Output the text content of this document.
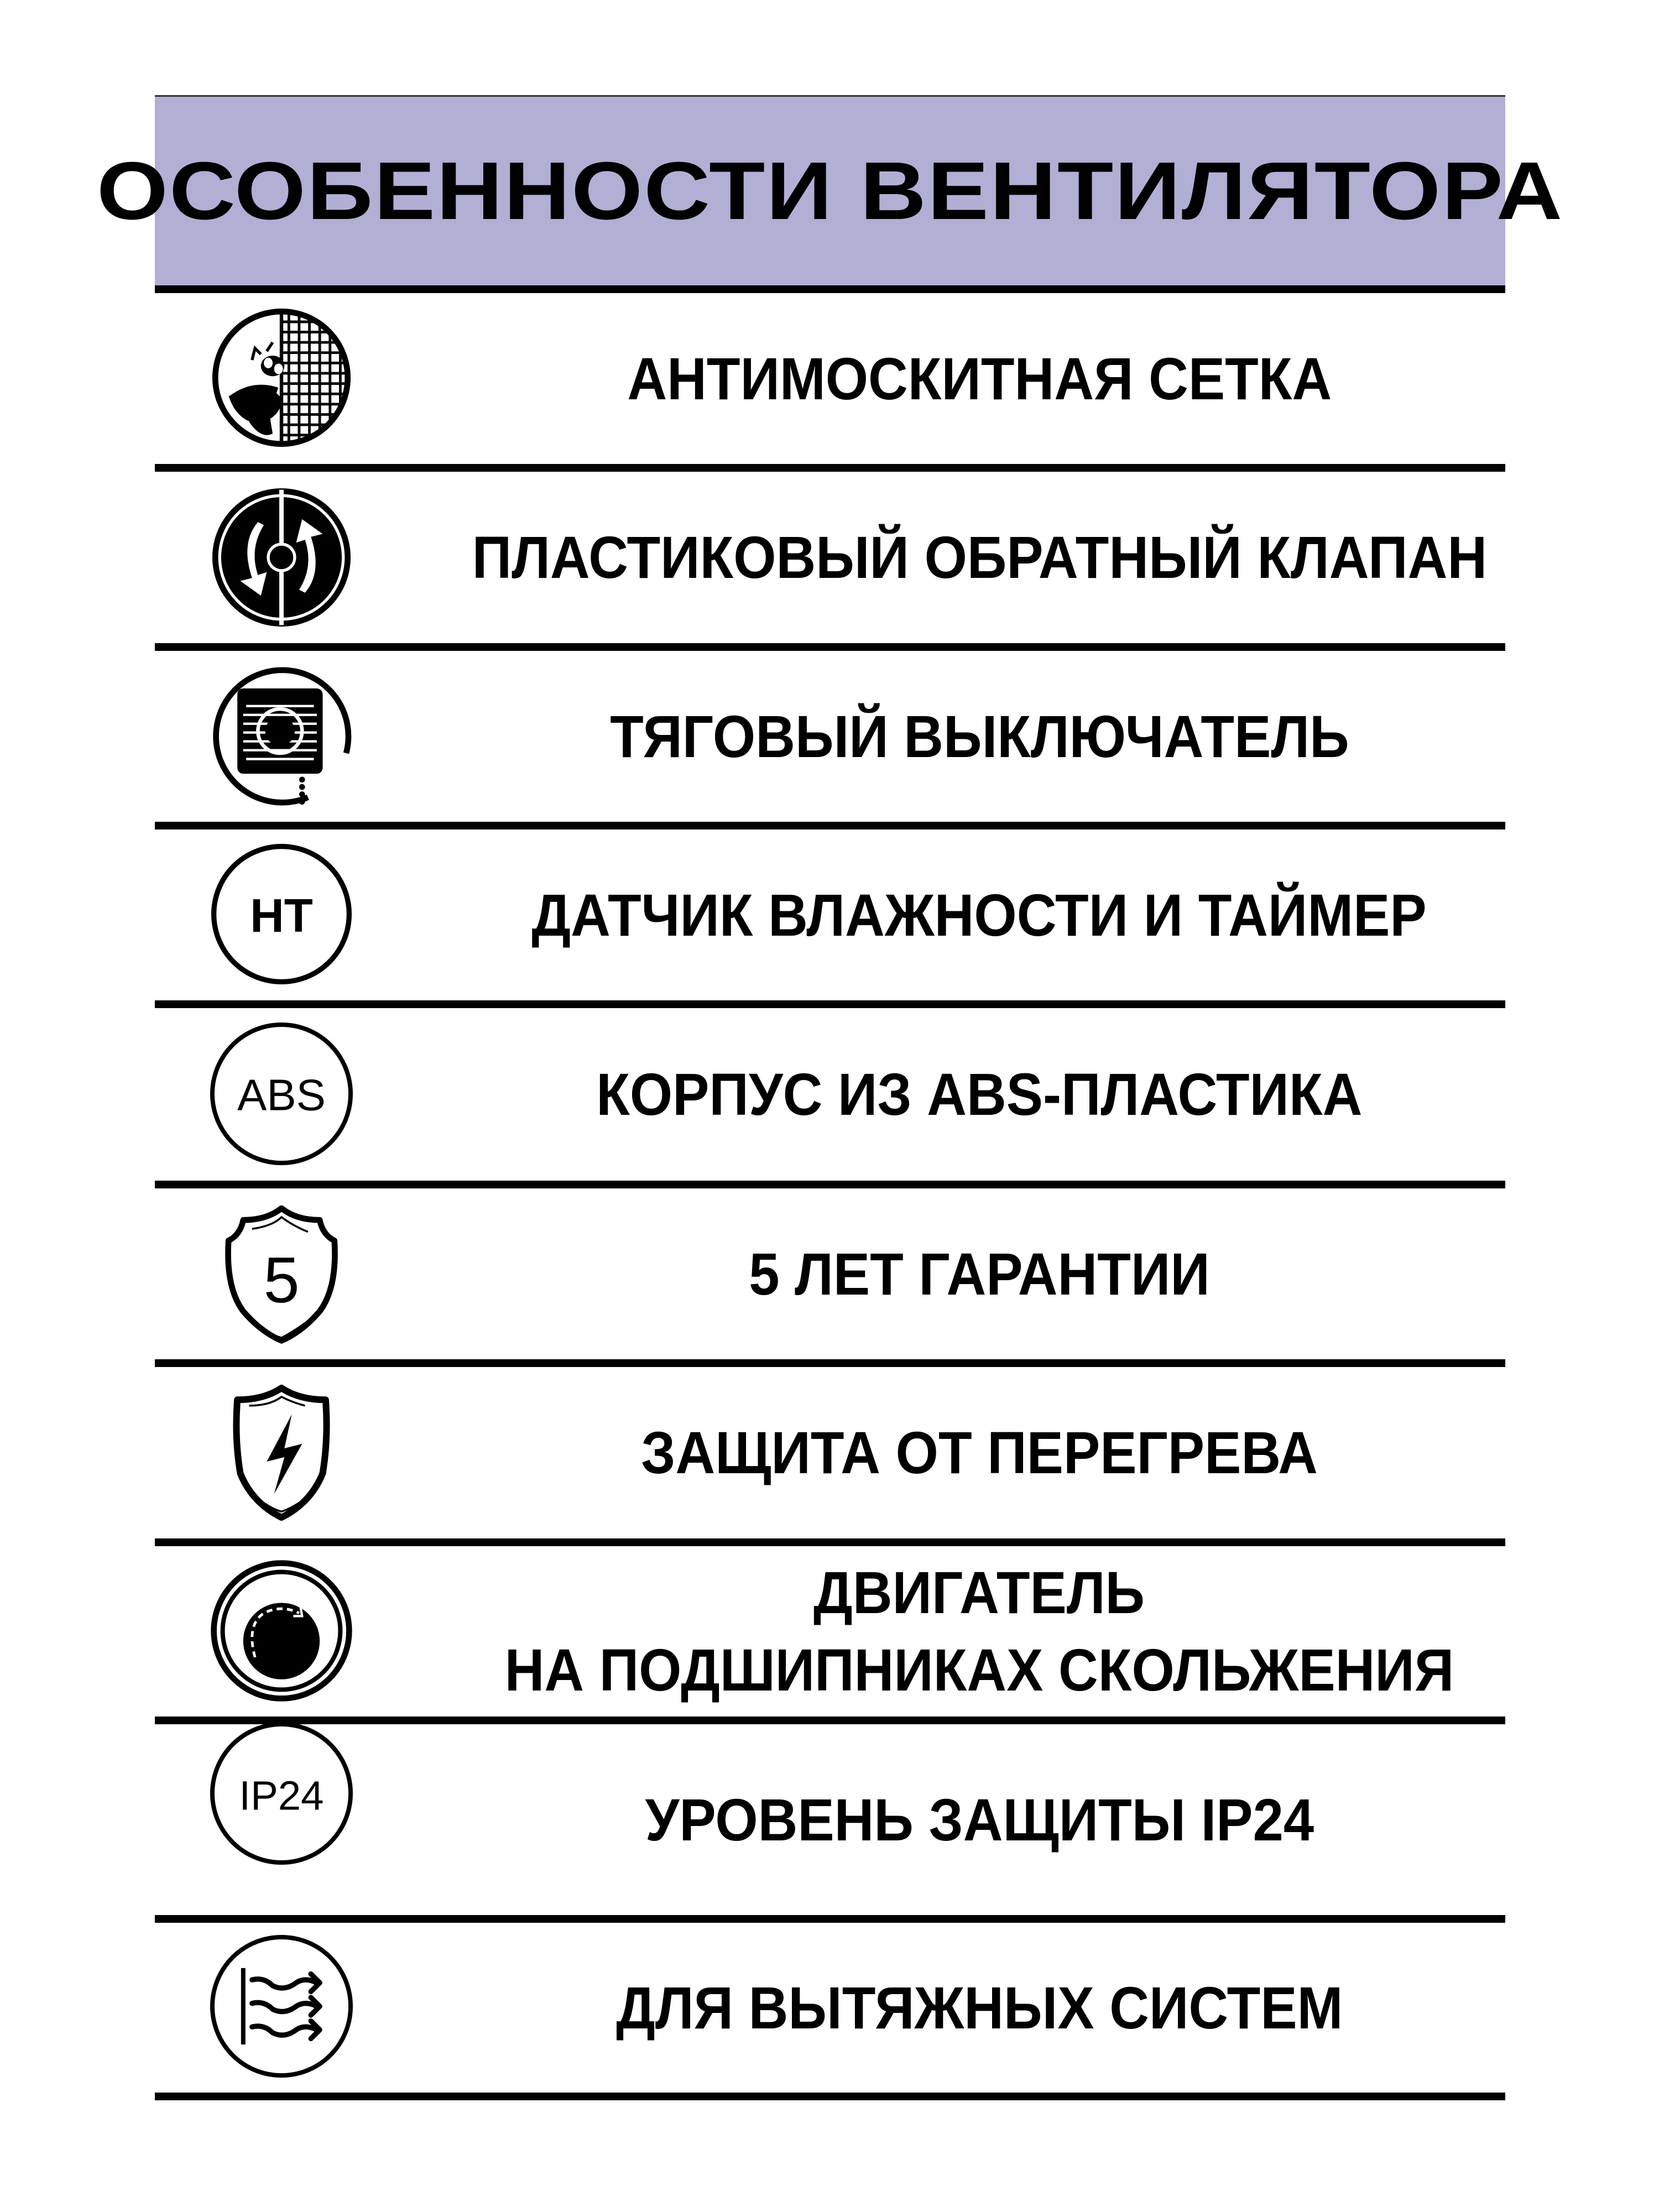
ОСОБЕННОСТИ ВЕНТИЛЯТОРА
АНТИМОСКИТНАЯ СЕТКА
ПЛАСТИКОВЫЙ ОБРАТНЫЙ КЛАПАН
ТЯГОВЫЙ ВЫКЛЮЧАТЕЛЬ
HT	ДАТЧИК ВЛАЖНОСТИ И ТАЙМЕР
ABS	КОРПУС ИЗ ABS-ПЛАСТИКА
5	5 ЛЕТ ГАРАНТИИ
ЗАЩИТА ОТ ПЕРЕГРЕВА
ДВИГАТЕЛЬ
НА ПОДШИПНИКАХ СКОЛЬЖЕНИЯ
IP24	УРОВЕНЬ ЗАЩИТЫ IP24
ДЛЯ ВЫТЯЖНЫХ СИСТЕМ
